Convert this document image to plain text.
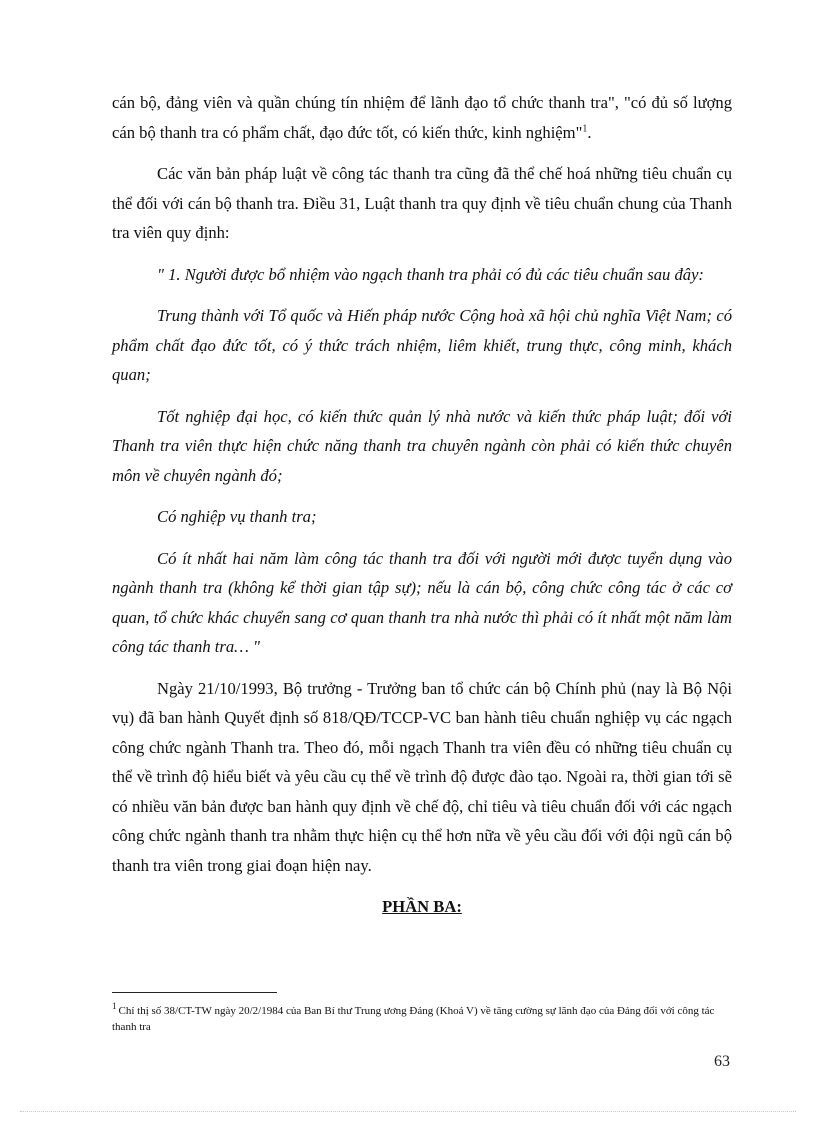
cán bộ, đảng viên và quần chúng tín nhiệm để lãnh đạo tổ chức thanh tra", "có đủ số lượng cán bộ thanh tra có phẩm chất, đạo đức tốt, có kiến thức, kinh nghiệm"$^1$.

Các văn bản pháp luật về công tác thanh tra cũng đã thể chế hoá những tiêu chuẩn cụ thể đối với cán bộ thanh tra. Điều 31, Luật thanh tra quy định về tiêu chuẩn chung của Thanh tra viên quy định:

" 1. Người được bổ nhiệm vào ngạch thanh tra phải có đủ các tiêu chuẩn sau đây:

Trung thành với Tổ quốc và Hiến pháp nước Cộng hoà xã hội chủ nghĩa Việt Nam; có phẩm chất đạo đức tốt, có ý thức trách nhiệm, liêm khiết, trung thực, công minh, khách quan;

Tốt nghiệp đại học, có kiến thức quản lý nhà nước và kiến thức pháp luật; đối với Thanh tra viên thực hiện chức năng thanh tra chuyên ngành còn phải có kiến thức chuyên môn về chuyên ngành đó;

Có nghiệp vụ thanh tra;

Có ít nhất hai năm làm công tác thanh tra đối với người mới được tuyển dụng vào ngành thanh tra (không kể thời gian tập sự); nếu là cán bộ, công chức công tác ở các cơ quan, tổ chức khác chuyển sang cơ quan thanh tra nhà nước thì phải có ít nhất một năm làm công tác thanh tra… "

Ngày 21/10/1993, Bộ trưởng - Trưởng ban tổ chức cán bộ Chính phủ (nay là Bộ Nội vụ) đã ban hành Quyết định số 818/QĐ/TCCP-VC ban hành tiêu chuẩn nghiệp vụ các ngạch công chức ngành Thanh tra. Theo đó, mỗi ngạch Thanh tra viên đều có những tiêu chuẩn cụ thể về trình độ hiểu biết và yêu cầu cụ thể về trình độ được đào tạo. Ngoài ra, thời gian tới sẽ có nhiều văn bản được ban hành quy định về chế độ, chỉ tiêu và tiêu chuẩn đối với các ngạch công chức ngành thanh tra nhằm thực hiện cụ thể hơn nữa về yêu cầu đối với đội ngũ cán bộ thanh tra viên trong giai đoạn hiện nay.

PHẦN BA:
$^1$ Chỉ thị số 38/CT-TW ngày 20/2/1984 của Ban Bí thư Trung ương Đảng (Khoá V) về tăng cường sự lãnh đạo của Đảng đối với công tác thanh tra
63
